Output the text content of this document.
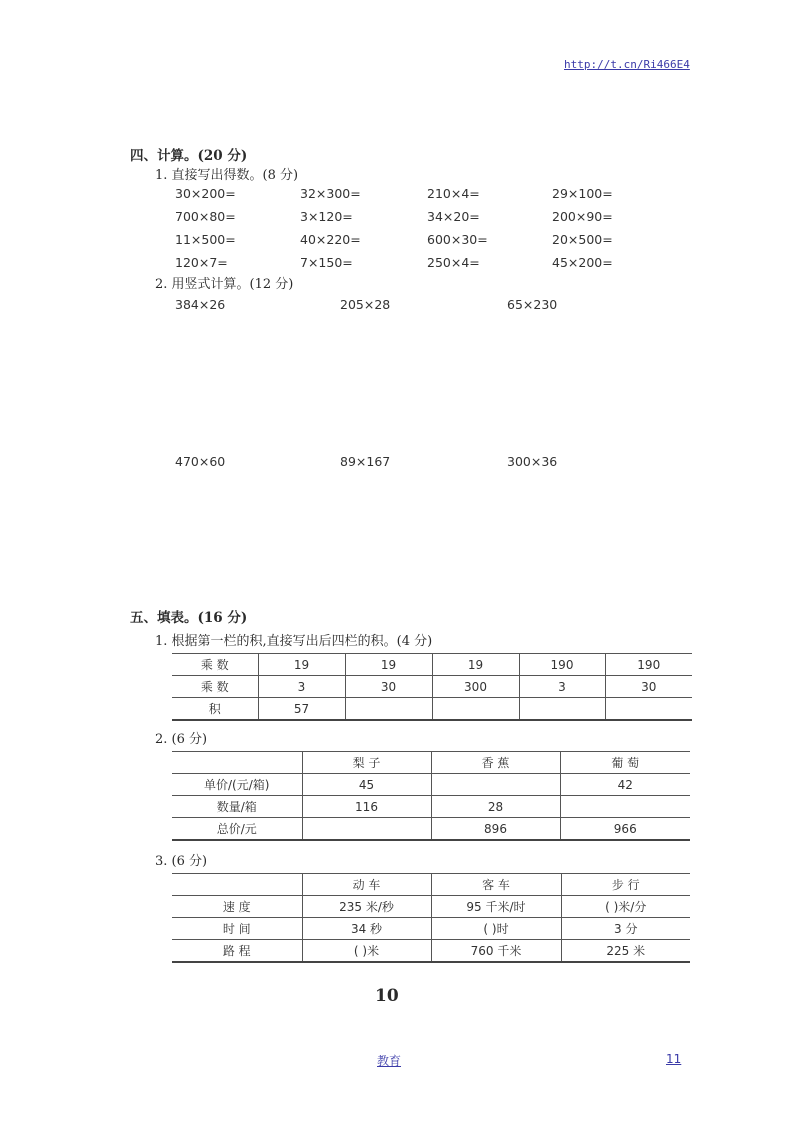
http://t.cn/Ri466E4
四、计算。(20 分)
1. 直接写出得数。(8 分)
30×200=	32×300=	210×4=	29×100=
700×80=	3×120=	34×20=	200×90=
11×500=	40×220=	600×30=	20×500=
120×7=	7×150=	250×4=	45×200=
2. 用竖式计算。(12 分)
384×26	205×28	65×230
470×60	89×167	300×36
五、填表。(16 分)
1. 根据第一栏的积,直接写出后四栏的积。(4 分)
乘 数	19	19	19	190	190
乘 数	3	30	300	3	30
积	57				
2. (6 分)
	梨 子	香 蕉	葡 萄
单价/(元/箱)	45		42
数量/箱	116	28	
总价/元		896	966
3. (6 分)
	动 车	客 车	步 行
速 度	235 米/秒	95 千米/时	( )米/分
时 间	34 秒	( )时	3 分
路 程	( )米	760 千米	225 米
10
教育	11
